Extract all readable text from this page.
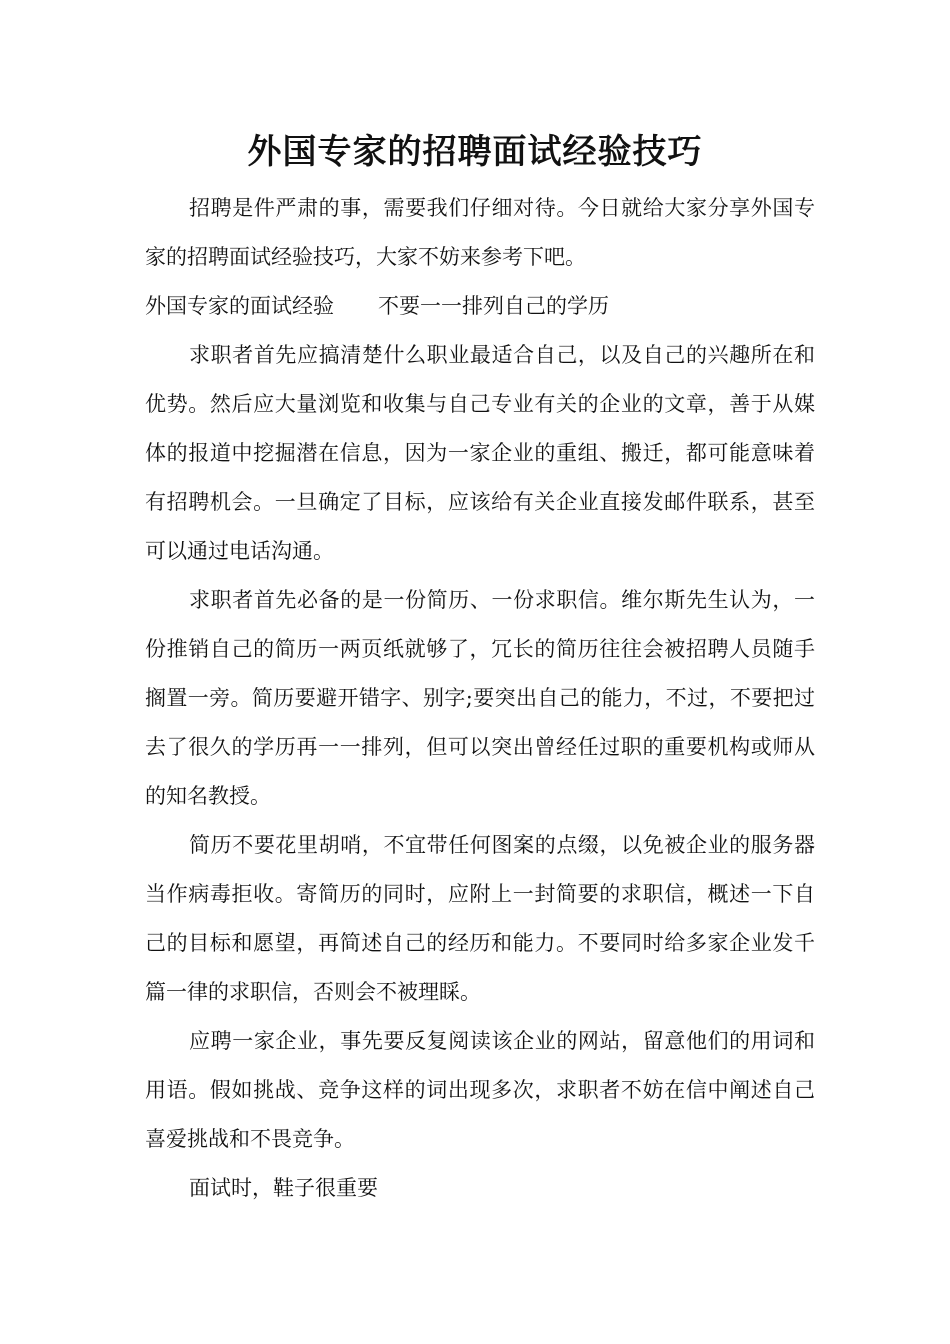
外国专家的招聘面试经验技巧

招聘是件严肃的事，需要我们仔细对待。今日就给大家分享外国专家的招聘面试经验技巧，大家不妨来参考下吧。

外国专家的面试经验 不要一一排列自己的学历

求职者首先应搞清楚什么职业最适合自己，以及自己的兴趣所在和优势。然后应大量浏览和收集与自己专业有关的企业的文章，善于从媒体的报道中挖掘潜在信息，因为一家企业的重组、搬迁，都可能意味着有招聘机会。一旦确定了目标，应该给有关企业直接发邮件联系，甚至可以通过电话沟通。

求职者首先必备的是一份简历、一份求职信。维尔斯先生认为，一份推销自己的简历一两页纸就够了，冗长的简历往往会被招聘人员随手搁置一旁。简历要避开错字、别字;要突出自己的能力，不过，不要把过去了很久的学历再一一排列，但可以突出曾经任过职的重要机构或师从的知名教授。

简历不要花里胡哨，不宜带任何图案的点缀，以免被企业的服务器当作病毒拒收。寄简历的同时，应附上一封简要的求职信，概述一下自己的目标和愿望，再简述自己的经历和能力。不要同时给多家企业发千篇一律的求职信，否则会不被理睬。

应聘一家企业，事先要反复阅读该企业的网站，留意他们的用词和用语。假如挑战、竞争这样的词出现多次，求职者不妨在信中阐述自己喜爱挑战和不畏竞争。

面试时，鞋子很重要
